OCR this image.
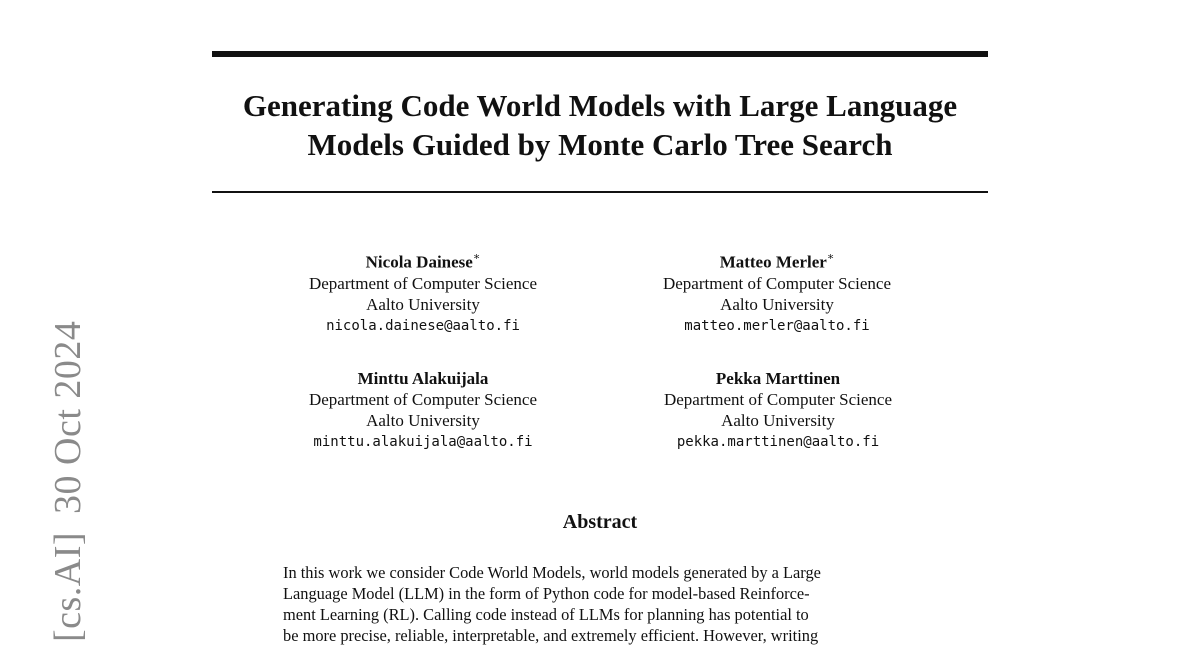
[cs.AI]30 Oct 2024
Generating Code World Models with Large Language
Models Guided by Monte Carlo Tree Search
Nicola Dainese∗
Department of Computer Science
Aalto University
nicola.dainese@aalto.fi
Matteo Merler∗
Department of Computer Science
Aalto University
matteo.merler@aalto.fi
Minttu Alakuijala
Department of Computer Science
Aalto University
minttu.alakuijala@aalto.fi
Pekka Marttinen
Department of Computer Science
Aalto University
pekka.marttinen@aalto.fi
Abstract
In this work we consider Code World Models, world models generated by a Large
Language Model (LLM) in the form of Python code for model-based Reinforce-
ment Learning (RL). Calling code instead of LLMs for planning has potential to
be more precise, reliable, interpretable, and extremely efficient. However, writing
